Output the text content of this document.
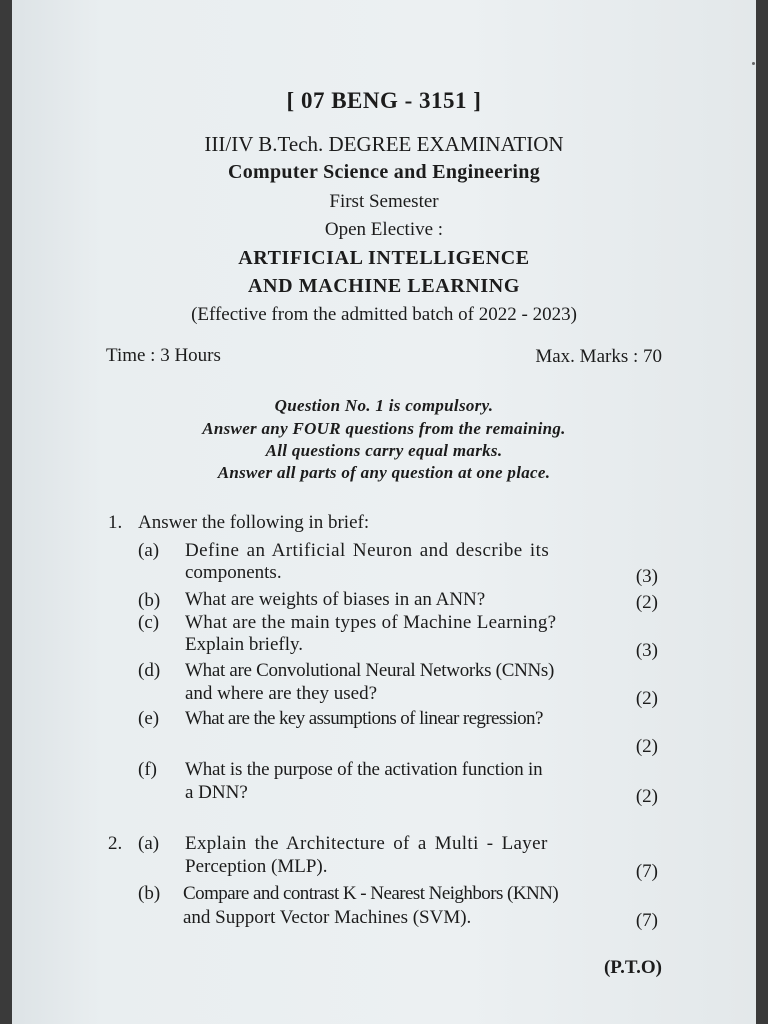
[ 07 BENG - 3151 ]
III/IV B.Tech. DEGREE EXAMINATION
Computer Science and Engineering
First Semester
Open Elective :
ARTIFICIAL INTELLIGENCE
AND MACHINE LEARNING
(Effective from the admitted batch of 2022 - 2023)
Time : 3 Hours	Max. Marks : 70
Question No. 1 is compulsory.
Answer any FOUR questions from the remaining.
All questions carry equal marks.
Answer all parts of any question at one place.
1. Answer the following in brief:
(a) Define an Artificial Neuron and describe its
components.	(3)
(b) What are weights of biases in an ANN?	(2)
(c) What are the main types of Machine Learning?
Explain briefly.	(3)
(d) What are Convolutional Neural Networks (CNNs)
and where are they used?	(2)
(e) What are the key assumptions of linear regression?
(2)
(f) What is the purpose of the activation function in
a DNN?	(2)
2. (a) Explain the Architecture of a Multi - Layer
Perception (MLP).	(7)
(b) Compare and contrast K - Nearest Neighbors (KNN)
and Support Vector Machines (SVM).	(7)
(P.T.O)
